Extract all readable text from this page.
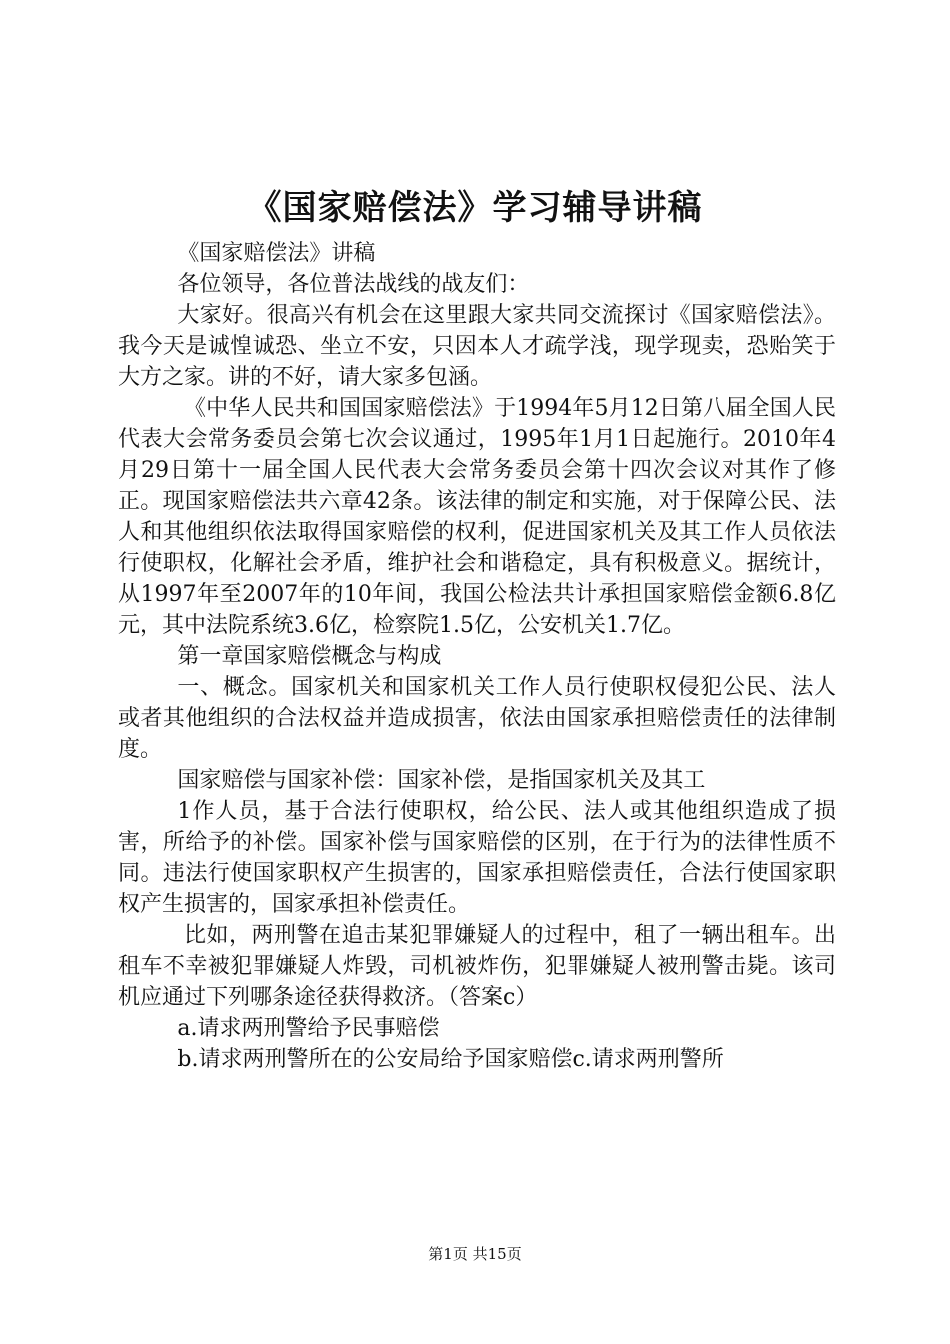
《国家赔偿法》学习辅导讲稿

《国家赔偿法》讲稿

各位领导，各位普法战线的战友们：

大家好。很高兴有机会在这里跟大家共同交流探讨《国家赔偿法》。我今天是诚惶诚恐、坐立不安，只因本人才疏学浅，现学现卖，恐贻笑于大方之家。讲的不好，请大家多包涵。

《中华人民共和国国家赔偿法》于1994年5月12日第八届全国人民代表大会常务委员会第七次会议通过，1995年1月1日起施行。2010年4月29日第十一届全国人民代表大会常务委员会第十四次会议对其作了修正。现国家赔偿法共六章42条。该法律的制定和实施，对于保障公民、法人和其他组织依法取得国家赔偿的权利，促进国家机关及其工作人员依法行使职权，化解社会矛盾，维护社会和谐稳定，具有积极意义。据统计，从1997年至2007年的10年间，我国公检法共计承担国家赔偿金额6.8亿元，其中法院系统3.6亿，检察院1.5亿，公安机关1.7亿。

第一章国家赔偿概念与构成

一、概念。国家机关和国家机关工作人员行使职权侵犯公民、法人或者其他组织的合法权益并造成损害，依法由国家承担赔偿责任的法律制度。

国家赔偿与国家补偿：国家补偿，是指国家机关及其工

1作人员，基于合法行使职权，给公民、法人或其他组织造成了损害，所给予的补偿。国家补偿与国家赔偿的区别，在于行为的法律性质不同。违法行使国家职权产生损害的，国家承担赔偿责任，合法行使国家职权产生损害的，国家承担补偿责任。

比如，两刑警在追击某犯罪嫌疑人的过程中，租了一辆出租车。出租车不幸被犯罪嫌疑人炸毁，司机被炸伤，犯罪嫌疑人被刑警击毙。该司机应通过下列哪条途径获得救济。（答案c）

a.请求两刑警给予民事赔偿

b.请求两刑警所在的公安局给予国家赔偿c.请求两刑警所

第1页 共15页
